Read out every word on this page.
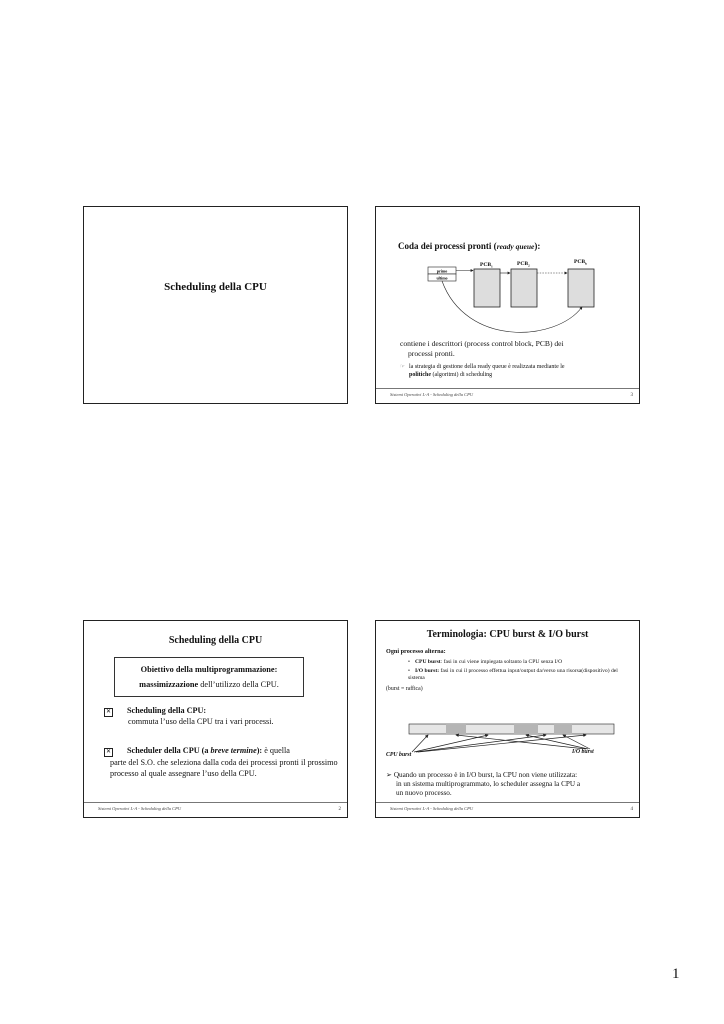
Scheduling della CPU
Coda dei processi pronti (ready queue):
primo
ultimo
$PCB_1$	$PCB_2$
$PCB_k$
contiene i descrittori (process control block, PCB) dei
processi pronti.
☞ la strategia di gestione della ready queue è realizzata mediante le
politiche (algoritmi) di scheduling
Sistemi Operativi L-A - Scheduling della CPU	3
Scheduling della CPU
Obiettivo della multiprogrammazione:
massimizzazione dell’utilizzo della CPU.
✕ Scheduling della CPU:
commuta l’uso della CPU tra i vari processi.
✕ Scheduler della CPU (a breve termine): è quella
parte del S.O. che seleziona dalla coda dei processi pronti il prossimo processo al quale assegnare l’uso della CPU.
Sistemi Operativi L-A - Scheduling della CPU	2
Terminologia: CPU burst & I/O burst
Ogni processo alterna:
• CPU burst: fasi in cui viene impiegata soltanto la CPU senza I/O
• I/O burst: fasi in cui il processo effettua input/output da/verso una risorsa(dispositivo) del sistema
(burst = raffica)
CPU burst	I/O burst
➢ Quando un processo è in I/O burst, la CPU non viene utilizzata:
in un sistema multiprogrammato, lo scheduler assegna la CPU a
un nuovo processo.
Sistemi Operativi L-A - Scheduling della CPU	4
1
